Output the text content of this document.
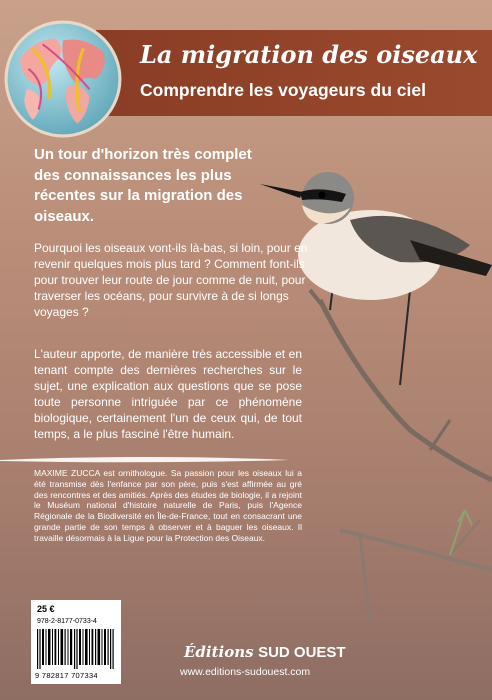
La migration des oiseaux
Comprendre les voyageurs du ciel

Un tour d'horizon très complet des connaissances les plus récentes sur la migration des oiseaux.

Pourquoi les oiseaux vont-ils là-bas, si loin, pour en revenir quelques mois plus tard ? Comment font-ils pour trouver leur route de jour comme de nuit, pour traverser les océans, pour survivre à de si longs voyages ?

L'auteur apporte, de manière très accessible et en tenant compte des dernières recherches sur le sujet, une explication aux questions que se pose toute personne intriguée par ce phénomène biologique, certainement l'un de ceux qui, de tout temps, a le plus fasciné l'être humain.

MAXIME ZUCCA est ornithologue. Sa passion pour les oiseaux lui a été transmise dès l'enfance par son père, puis s'est affirmée au gré des rencontres et des amitiés. Après des études de biologie, il a rejoint le Muséum national d'histoire naturelle de Paris, puis l'Agence Régionale de la Biodiversité en Île-de-France, tout en consacrant une grande partie de son temps à observer et à baguer les oiseaux. Il travaille désormais à la Ligue pour la Protection des Oiseaux.

25 €
978-2-8177-0733-4
9 782817 707334
Éditions SUD OUEST
www.editions-sudouest.com
